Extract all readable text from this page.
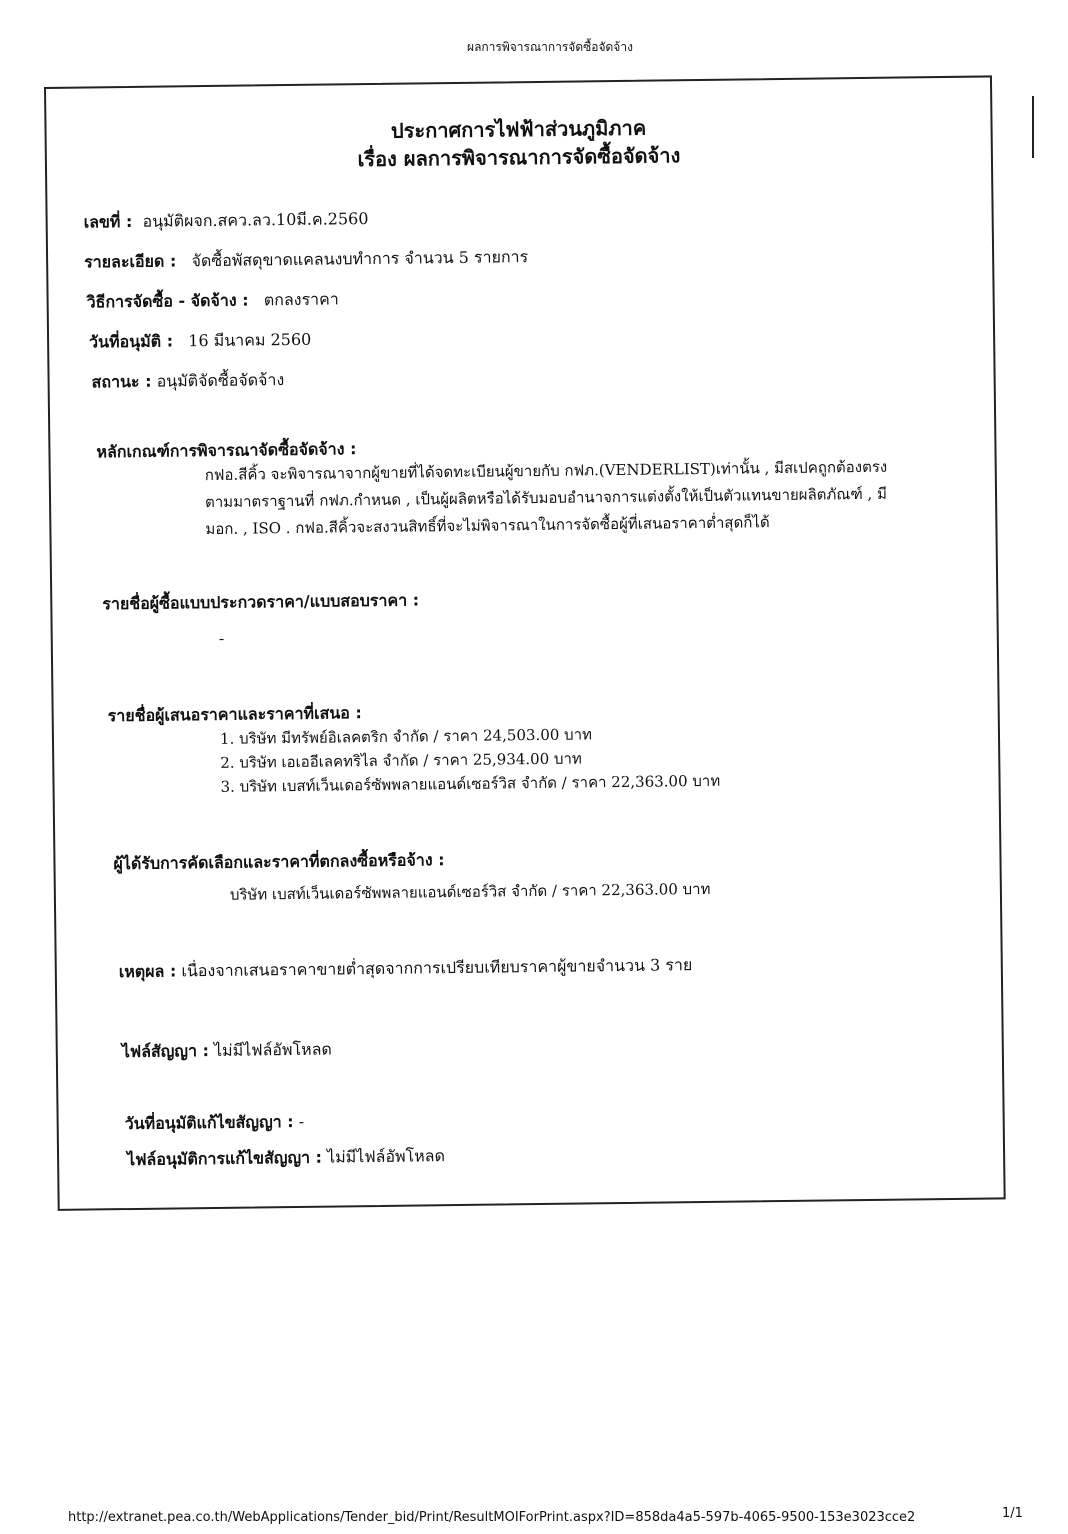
ผลการพิจารณาการจัดซื้อจัดจ้าง
ประกาศการไฟฟ้าส่วนภูมิภาค
เรื่อง ผลการพิจารณาการจัดซื้อจัดจ้าง
เลขที่ : อนุมัติผจก.สคว.ลว.10มี.ค.2560
รายละเอียด : จัดซื้อพัสดุขาดแคลนงบทำการ จำนวน 5 รายการ
วิธีการจัดซื้อ - จัดจ้าง : ตกลงราคา
วันที่อนุมัติ : 16 มีนาคม 2560
สถานะ : อนุมัติจัดซื้อจัดจ้าง
หลักเกณฑ์การพิจารณาจัดซื้อจัดจ้าง :
กฟอ.สีคิ้ว จะพิจารณาจากผู้ขายที่ได้จดทะเบียนผู้ขายกับ กฟภ.(VENDERLIST)เท่านั้น , มีสเปคถูกต้องตรง
ตามมาตราฐานที่ กฟภ.กำหนด , เป็นผู้ผลิตหรือได้รับมอบอำนาจการแต่งตั้งให้เป็นตัวแทนขายผลิตภัณฑ์ , มี
มอก. , ISO . กฟอ.สีคิ้วจะสงวนสิทธิ์ที่จะไม่พิจารณาในการจัดซื้อผู้ที่เสนอราคาต่ำสุดก็ได้
รายชื่อผู้ซื้อแบบประกวดราคา/แบบสอบราคา :
-
รายชื่อผู้เสนอราคาและราคาที่เสนอ :
1. บริษัท มีทรัพย์อิเลคตริก จำกัด / ราคา 24,503.00 บาท
2. บริษัท เอเออีเลคทริไล จำกัด / ราคา 25,934.00 บาท
3. บริษัท เบสท์เว็นเดอร์ซัพพลายแอนด์เซอร์วิส จำกัด / ราคา 22,363.00 บาท
ผู้ได้รับการคัดเลือกและราคาที่ตกลงซื้อหรือจ้าง :
บริษัท เบสท์เว็นเดอร์ซัพพลายแอนด์เซอร์วิส จำกัด / ราคา 22,363.00 บาท
เหตุผล : เนื่องจากเสนอราคาขายต่ำสุดจากการเปรียบเทียบราคาผู้ขายจำนวน 3 ราย
ไฟล์สัญญา : ไม่มีไฟล์อัพโหลด
วันที่อนุมัติแก้ไขสัญญา : -
ไฟล์อนุมัติการแก้ไขสัญญา : ไม่มีไฟล์อัพโหลด
http://extranet.pea.co.th/WebApplications/Tender_bid/Print/ResultMOIForPrint.aspx?ID=858da4a5-597b-4065-9500-153e3023cce2	1/1
